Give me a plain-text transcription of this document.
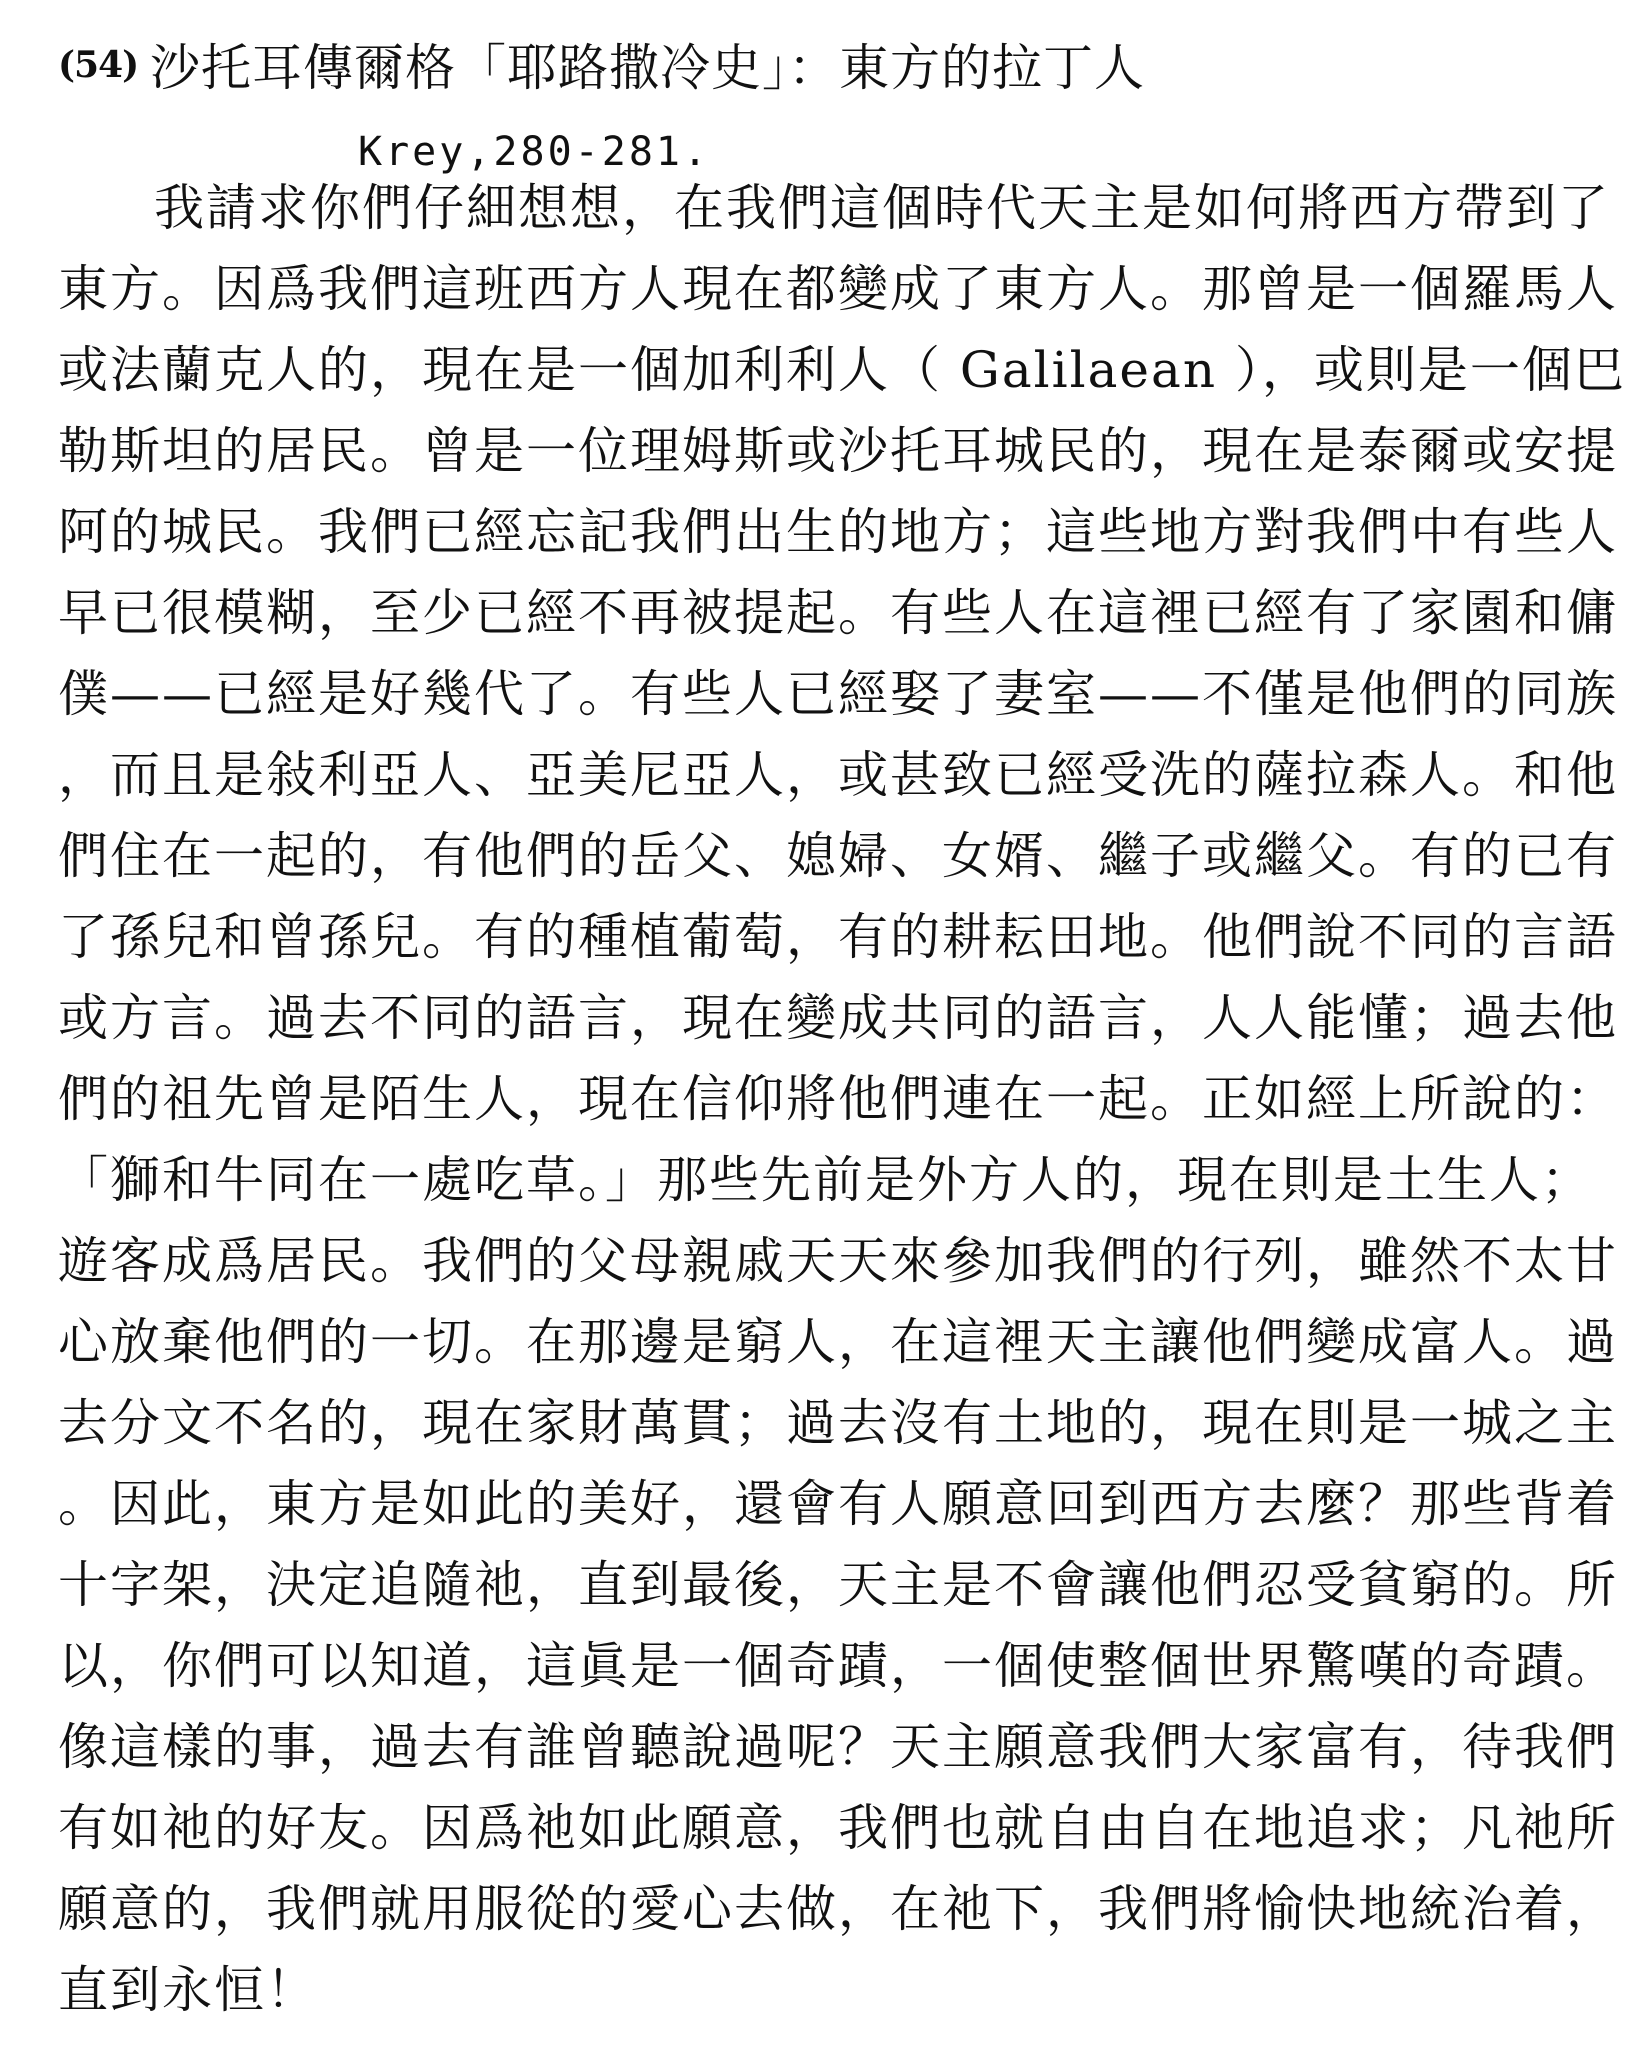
(54) 沙托耳傳爾格「耶路撒冷史」：東方的拉丁人
Krey,280-281.
我請求你們仔細想想，在我們這個時代天主是如何將西方帶到了
東方。因爲我們這班西方人現在都變成了東方人。那曾是一個羅馬人
或法蘭克人的，現在是一個加利利人（ Galilaean ），或則是一個巴
勒斯坦的居民。曾是一位理姆斯或沙托耳城民的，現在是泰爾或安提
阿的城民。我們已經忘記我們出生的地方；這些地方對我們中有些人
早已很模糊，至少已經不再被提起。有些人在這裡已經有了家園和傭
僕——已經是好幾代了。有些人已經娶了妻室——不僅是他們的同族
，而且是敍利亞人、亞美尼亞人，或甚致已經受洗的薩拉森人。和他
們住在一起的，有他們的岳父、媳婦、女婿、繼子或繼父。有的已有
了孫兒和曾孫兒。有的種植葡萄，有的耕耘田地。他們說不同的言語
或方言。過去不同的語言，現在變成共同的語言，人人能懂；過去他
們的祖先曾是陌生人，現在信仰將他們連在一起。正如經上所說的：
「獅和牛同在一處吃草。」那些先前是外方人的，現在則是土生人；
遊客成爲居民。我們的父母親戚天天來參加我們的行列，雖然不太甘
心放棄他們的一切。在那邊是窮人，在這裡天主讓他們變成富人。過
去分文不名的，現在家財萬貫；過去沒有土地的，現在則是一城之主
。因此，東方是如此的美好，還會有人願意回到西方去麼？那些背着
十字架，決定追隨祂，直到最後，天主是不會讓他們忍受貧窮的。所
以，你們可以知道，這眞是一個奇蹟，一個使整個世界驚嘆的奇蹟。
像這樣的事，過去有誰曾聽說過呢？天主願意我們大家富有，待我們
有如祂的好友。因爲祂如此願意，我們也就自由自在地追求；凡祂所
願意的，我們就用服從的愛心去做，在祂下，我們將愉快地統治着，
直到永恒！
